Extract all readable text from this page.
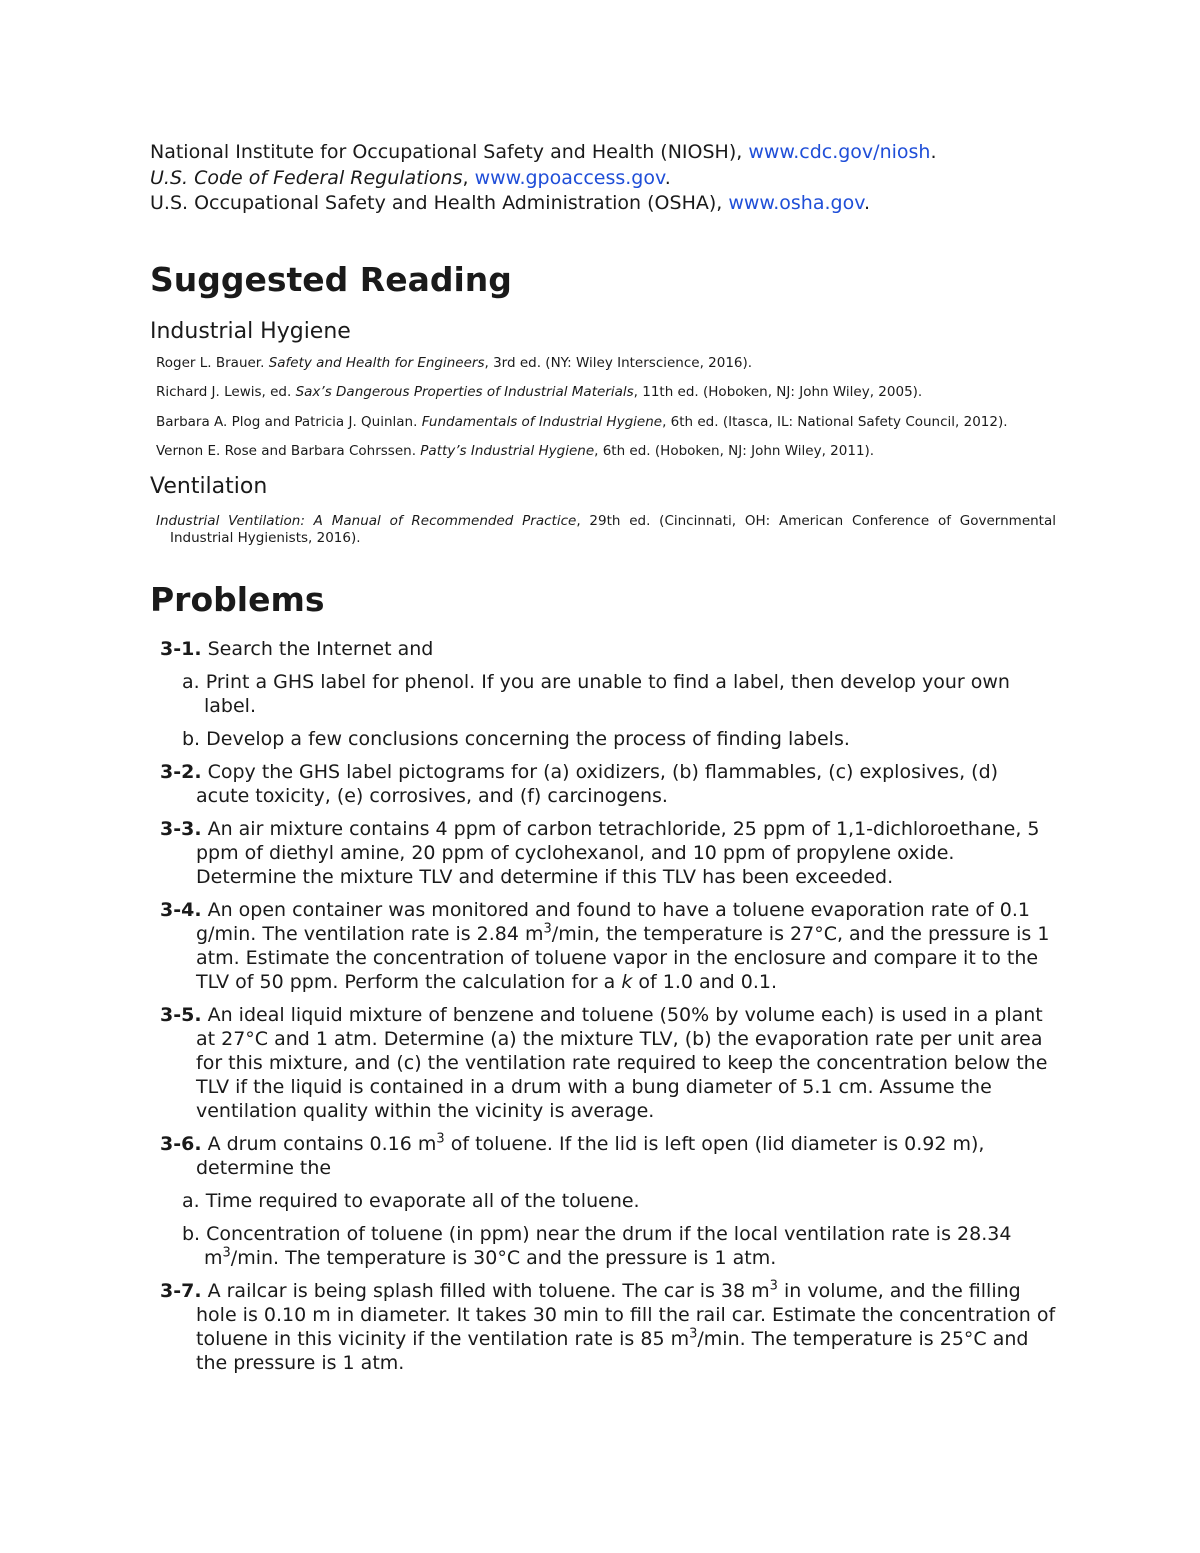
National Institute for Occupational Safety and Health (NIOSH), www.cdc.gov/niosh.

U.S. Code of Federal Regulations, www.gpoaccess.gov.

U.S. Occupational Safety and Health Administration (OSHA), www.osha.gov.

Suggested Reading
Industrial Hygiene

Roger L. Brauer. Safety and Health for Engineers, 3rd ed. (NY: Wiley Interscience, 2016).

Richard J. Lewis, ed. Sax’s Dangerous Properties of Industrial Materials, 11th ed. (Hoboken, NJ: John Wiley, 2005).

Barbara A. Plog and Patricia J. Quinlan. Fundamentals of Industrial Hygiene, 6th ed. (Itasca, IL: National Safety Council, 2012).

Vernon E. Rose and Barbara Cohrssen. Patty’s Industrial Hygiene, 6th ed. (Hoboken, NJ: John Wiley, 2011).

Ventilation

Industrial Ventilation: A Manual of Recommended Practice, 29th ed. (Cincinnati, OH: American Conference of Governmental Industrial Hygienists, 2016).

Problems

3-1. Search the Internet and

a. Print a GHS label for phenol. If you are unable to find a label, then develop your own label.

b. Develop a few conclusions concerning the process of finding labels.

3-2. Copy the GHS label pictograms for (a) oxidizers, (b) flammables, (c) explosives, (d) acute toxicity, (e) corrosives, and (f) carcinogens.

3-3. An air mixture contains 4 ppm of carbon tetrachloride, 25 ppm of 1,1-dichloroethane, 5 ppm of diethyl amine, 20 ppm of cyclohexanol, and 10 ppm of propylene oxide. Determine the mixture TLV and determine if this TLV has been exceeded.

3-4. An open container was monitored and found to have a toluene evaporation rate of 0.1 g/min. The ventilation rate is 2.84 $m^3/\min$, the temperature is 27°C, and the pressure is 1 atm. Estimate the concentration of toluene vapor in the enclosure and compare it to the TLV of 50 ppm. Perform the calculation for a k of 1.0 and 0.1.

3-5. An ideal liquid mixture of benzene and toluene (50% by volume each) is used in a plant at 27°C and 1 atm. Determine (a) the mixture TLV, (b) the evaporation rate per unit area for this mixture, and (c) the ventilation rate required to keep the concentration below the TLV if the liquid is contained in a drum with a bung diameter of 5.1 cm. Assume the ventilation quality within the vicinity is average.

3-6. A drum contains 0.16 $m^3$ of toluene. If the lid is left open (lid diameter is 0.92 m), determine the

a. Time required to evaporate all of the toluene.

b. Concentration of toluene (in ppm) near the drum if the local ventilation rate is 28.34 $m^3/\min$. The temperature is 30°C and the pressure is 1 atm.

3-7. A railcar is being splash filled with toluene. The car is 38 $m^3$ in volume, and the filling hole is 0.10 m in diameter. It takes 30 min to fill the rail car. Estimate the concentration of toluene in this vicinity if the ventilation rate is 85 $m^3/\min$. The temperature is 25°C and the pressure is 1 atm.
